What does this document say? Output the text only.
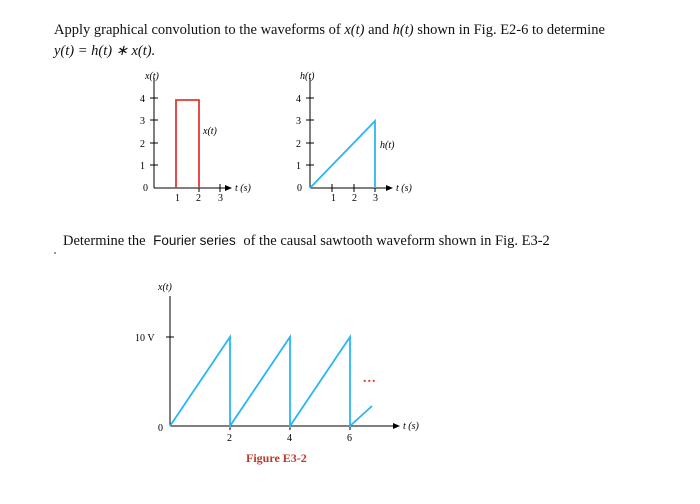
Apply graphical convolution to the waveforms of x(t) and h(t) shown in Fig. E2-6 to determine

y(t) = h(t) ∗ x(t).

x(t)
4
3
2
1
0
1 2 3
t (s)
x(t)
h(t)
4
3
2
1
0
1 2 3
t (s)
h(t)
Determine the Fourier series of the causal sawtooth waveform shown in Fig. E3-2
x(t)
10 V
0
2	4	6
t (s)
...
Figure E3-2
